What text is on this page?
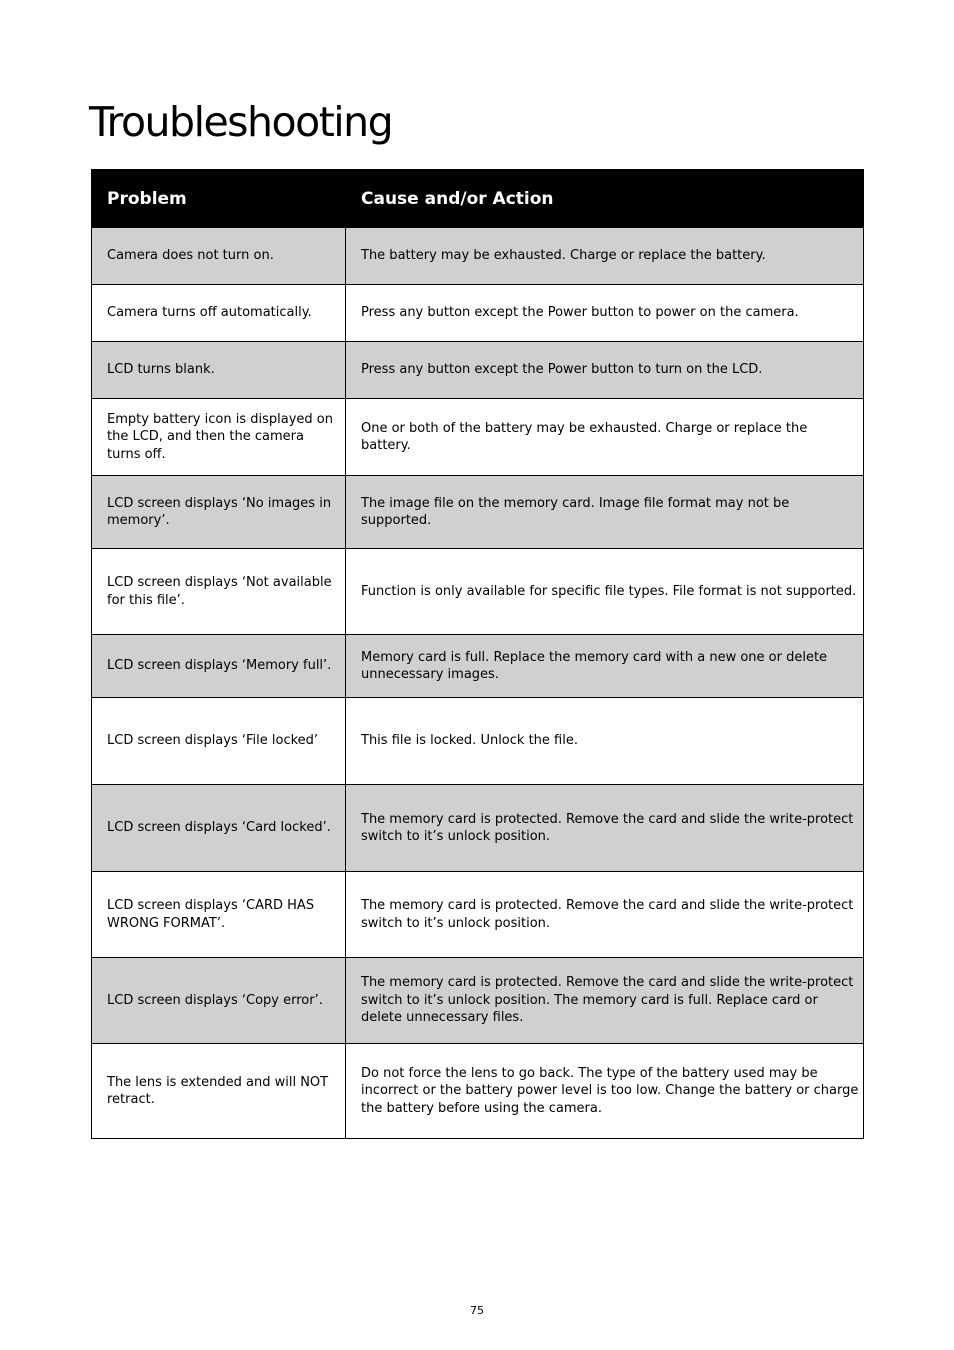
Troubleshooting
Problem	Cause and/or Action
Camera does not turn on.	The battery may be exhausted. Charge or replace the battery.
Camera turns off automatically.	Press any button except the Power button to power on the camera.
LCD turns blank.	Press any button except the Power button to turn on the LCD.
Empty battery icon is displayed on the LCD, and then the camera turns off.	One or both of the battery may be exhausted. Charge or replace the battery.
LCD screen displays ‘No images in memory’.	The image file on the memory card. Image file format may not be supported.
LCD screen displays ‘Not available for this file’.	Function is only available for specific file types. File format is not supported.
LCD screen displays ‘Memory full’.	Memory card is full. Replace the memory card with a new one or delete unnecessary images.
LCD screen displays ‘File locked’	This file is locked. Unlock the file.
LCD screen displays ‘Card locked’.	The memory card is protected. Remove the card and slide the write-protect switch to it’s unlock position.
LCD screen displays ‘CARD HAS WRONG FORMAT’.	The memory card is protected. Remove the card and slide the write-protect switch to it’s unlock position.
LCD screen displays ‘Copy error’.	The memory card is protected. Remove the card and slide the write-protect switch to it’s unlock position. The memory card is full. Replace card or delete unnecessary files.
The lens is extended and will NOT retract.	Do not force the lens to go back. The type of the battery used may be incorrect or the battery power level is too low. Change the battery or charge the battery before using the camera.
75
